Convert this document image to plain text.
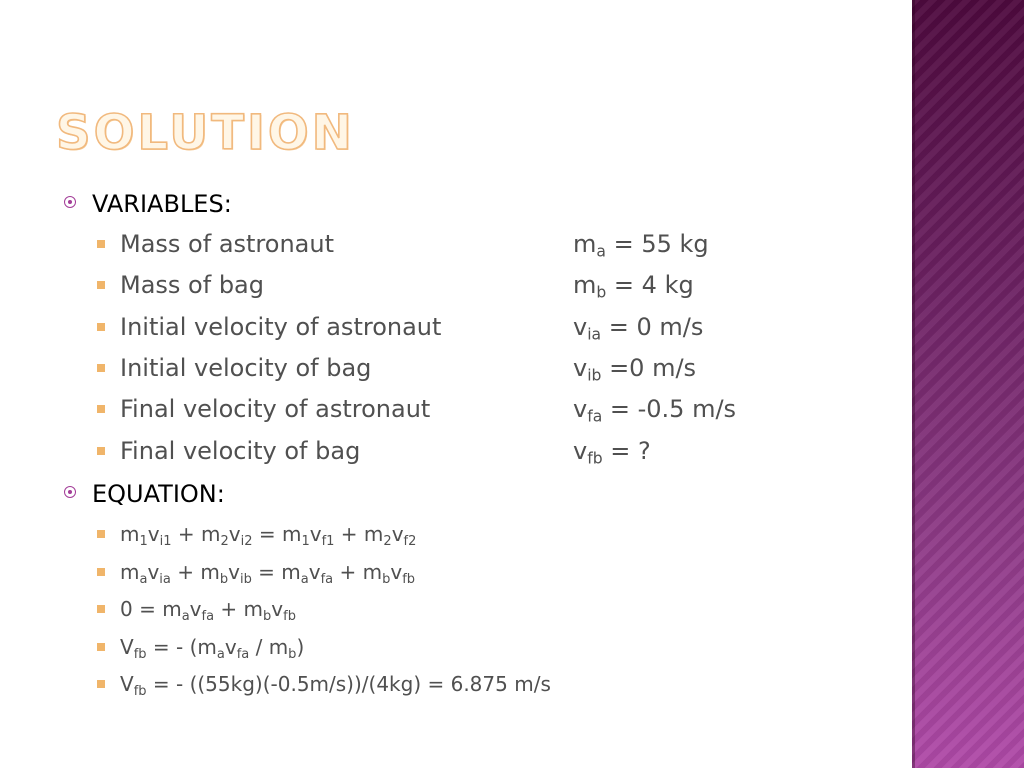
SOLUTION
VARIABLES:
Mass of astronaut	$m_a = 55$ kg
Mass of bag	$m_b = 4$ kg
Initial velocity of astronaut	$v_{ia} = 0$ m/s
Initial velocity of bag	$v_{ib} =0$ m/s
Final velocity of astronaut	$v_{fa} = -0.5$ m/s
Final velocity of bag	$v_{fb}$ = ?
EQUATION:
$m_1v_{i1} + m_2v_{i2} = m_1v_{f1} + m_2v_{f2}$
$m_av_{ia} + m_bv_{ib} = m_av_{fa} + m_bv_{fb}$
$0 = m_av_{fa} + m_bv_{fb}$
$V_{fb}$ = - $(m_av_{fa} / m_b)$
$V_{fb}$ = - ((55kg)(-0.5m/s))/(4kg) = 6.875 m/s
